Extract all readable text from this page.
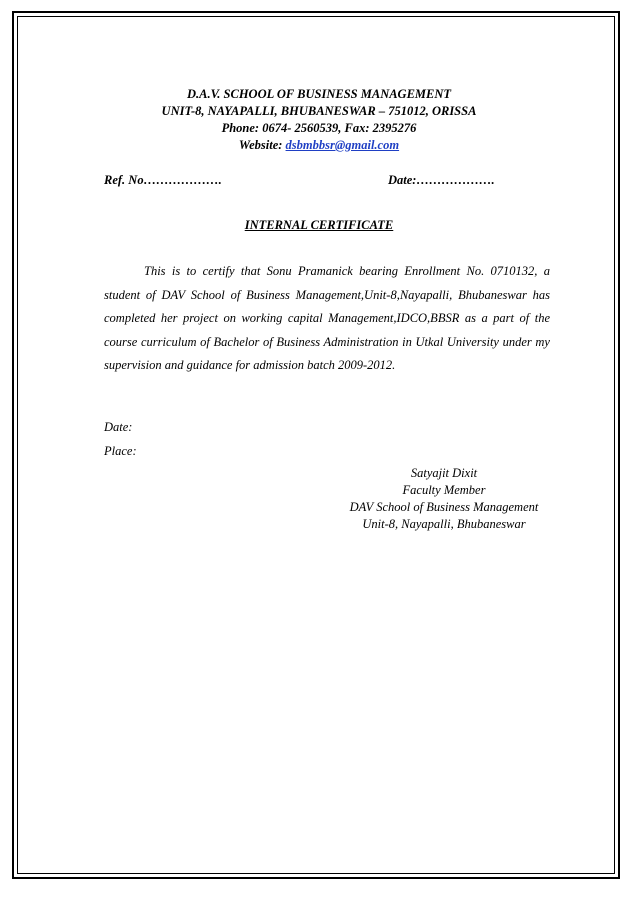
D.A.V. SCHOOL OF BUSINESS MANAGEMENT
UNIT-8, NAYAPALLI, BHUBANESWAR – 751012, ORISSA
Phone: 0674- 2560539, Fax: 2395276
Website: dsbmbbsr@gmail.com
Ref. No……………….	Date:……………….
INTERNAL CERTIFICATE

This is to certify that Sonu Pramanick bearing Enrollment No. 0710132, a student of DAV School of Business Management,Unit-8,Nayapalli, Bhubaneswar has completed her project on working capital Management,IDCO,BBSR as a part of the course curriculum of Bachelor of Business Administration in Utkal University under my supervision and guidance for admission batch 2009-2012.

Date:
Place:
Satyajit Dixit
Faculty Member
DAV School of Business Management
Unit-8, Nayapalli, Bhubaneswar
